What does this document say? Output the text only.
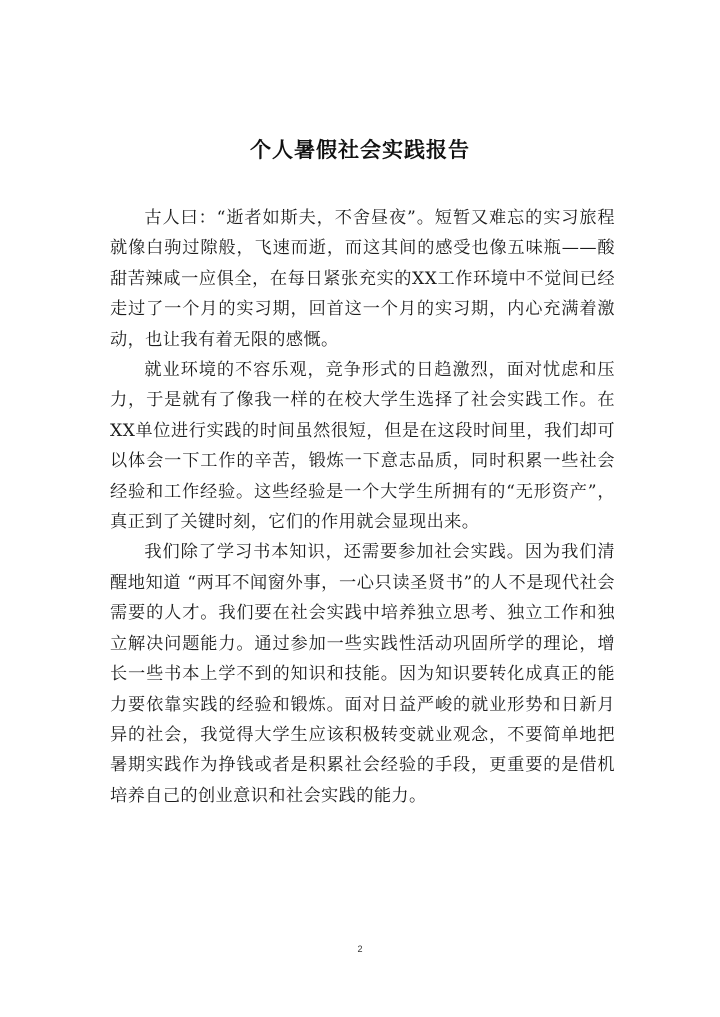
个人暑假社会实践报告

古人曰：“逝者如斯夫，不舍昼夜”。短暂又难忘的实习旅程就像白驹过隙般，飞速而逝，而这其间的感受也像五味瓶——酸甜苦辣咸一应俱全，在每日紧张充实的XX工作环境中不觉间已经走过了一个月的实习期，回首这一个月的实习期，内心充满着激动，也让我有着无限的感慨。

就业环境的不容乐观，竞争形式的日趋激烈，面对忧虑和压力，于是就有了像我一样的在校大学生选择了社会实践工作。在XX单位进行实践的时间虽然很短，但是在这段时间里，我们却可以体会一下工作的辛苦，锻炼一下意志品质，同时积累一些社会经验和工作经验。这些经验是一个大学生所拥有的“无形资产”，真正到了关键时刻，它们的作用就会显现出来。

我们除了学习书本知识，还需要参加社会实践。因为我们清醒地知道 “两耳不闻窗外事，一心只读圣贤书”的人不是现代社会需要的人才。我们要在社会实践中培养独立思考、独立工作和独立解决问题能力。通过参加一些实践性活动巩固所学的理论，增长一些书本上学不到的知识和技能。因为知识要转化成真正的能力要依靠实践的经验和锻炼。面对日益严峻的就业形势和日新月异的社会，我觉得大学生应该积极转变就业观念，不要简单地把暑期实践作为挣钱或者是积累社会经验的手段，更重要的是借机培养自己的创业意识和社会实践的能力。

2
